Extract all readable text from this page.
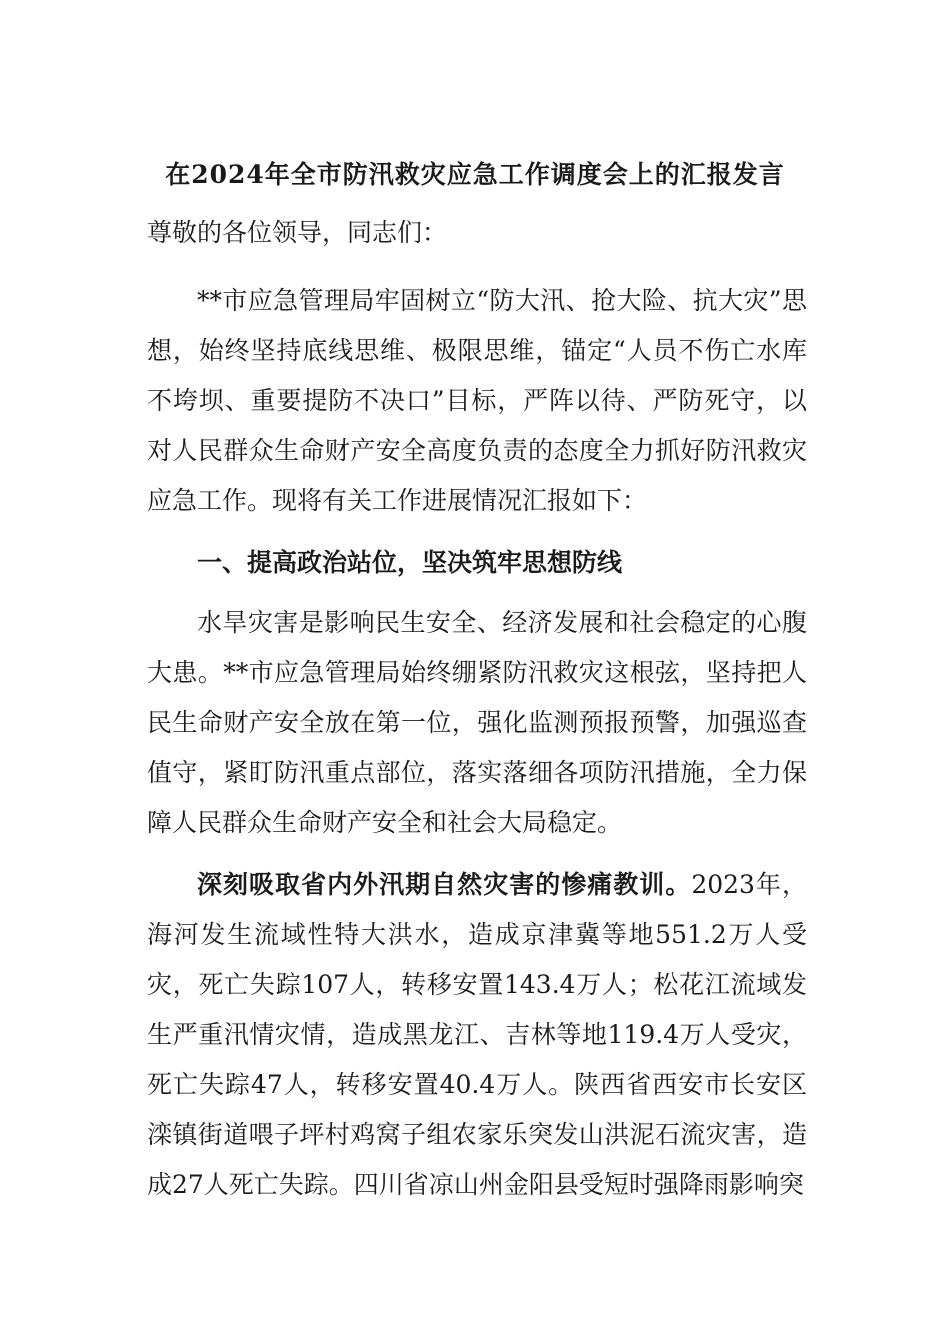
在2024年全市防汛救灾应急工作调度会上的汇报发言

尊敬的各位领导，同志们：

**市应急管理局牢固树立“防大汛、抢大险、抗大灾”思想，始终坚持底线思维、极限思维，锚定“人员不伤亡水库不垮坝、重要提防不决口”目标，严阵以待、严防死守，以对人民群众生命财产安全高度负责的态度全力抓好防汛救灾应急工作。现将有关工作进展情况汇报如下：

一、提高政治站位，坚决筑牢思想防线

水旱灾害是影响民生安全、经济发展和社会稳定的心腹大患。**市应急管理局始终绷紧防汛救灾这根弦，坚持把人民生命财产安全放在第一位，强化监测预报预警，加强巡查值守，紧盯防汛重点部位，落实落细各项防汛措施，全力保障人民群众生命财产安全和社会大局稳定。

深刻吸取省内外汛期自然灾害的惨痛教训。2023年，海河发生流域性特大洪水，造成京津冀等地551.2万人受灾，死亡失踪107人，转移安置143.4万人；松花江流域发生严重汛情灾情，造成黑龙江、吉林等地119.4万人受灾，死亡失踪47人，转移安置40.4万人。陕西省西安市长安区滦镇街道喂子坪村鸡窝子组农家乐突发山洪泥石流灾害，造成27人死亡失踪。四川省凉山州金阳县受短时强降雨影响突
